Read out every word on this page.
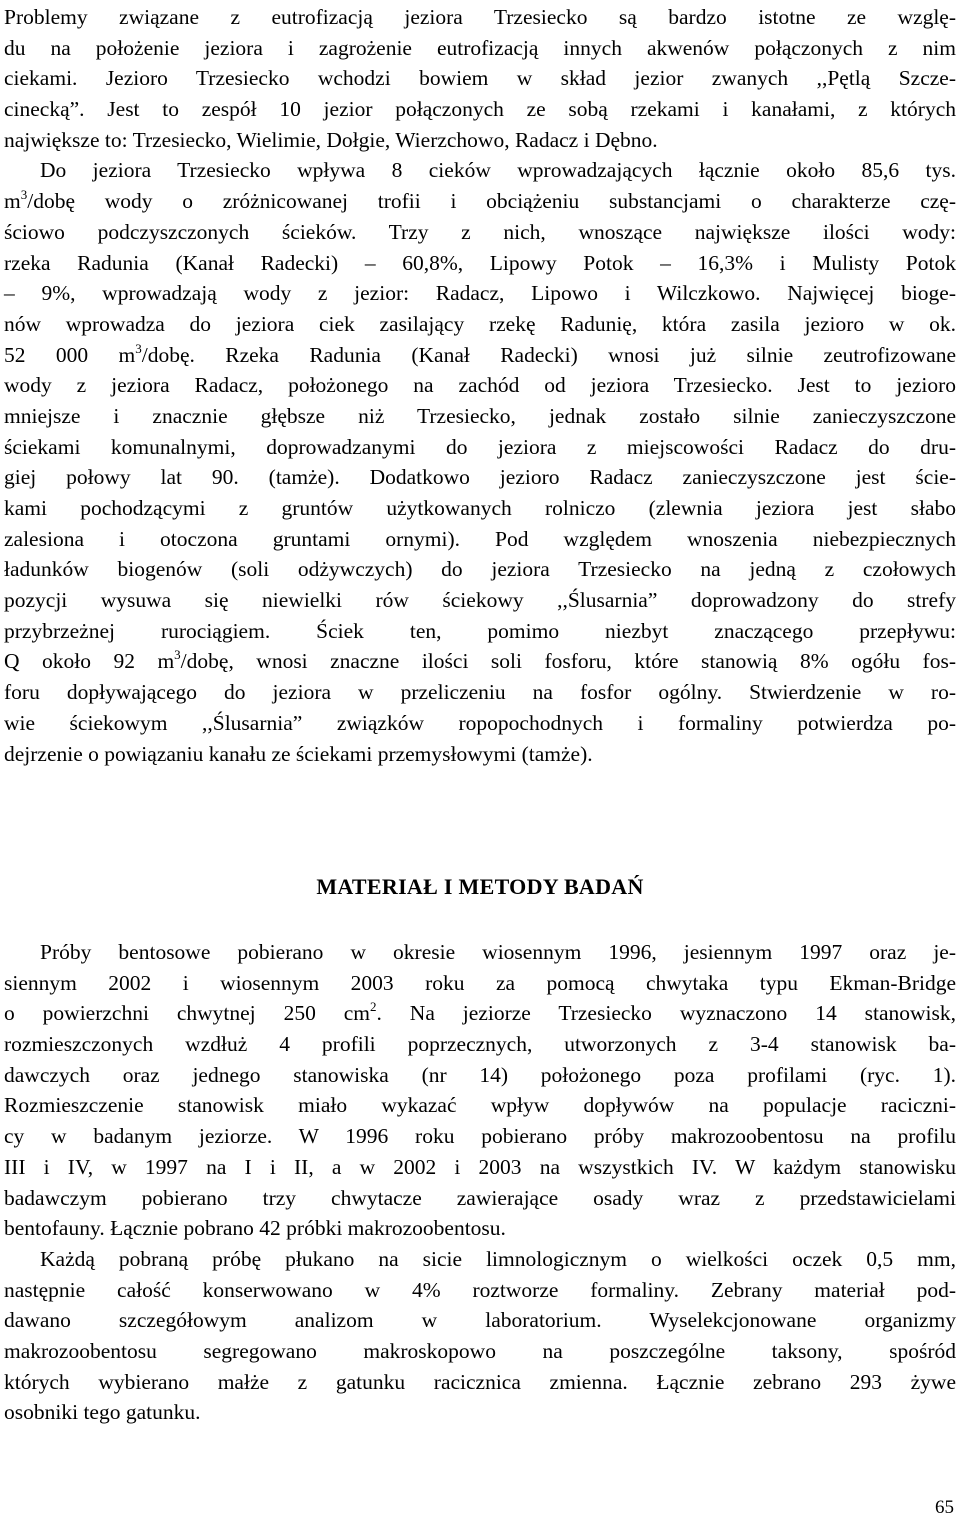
Problemy związane z eutrofizacją jeziora Trzesiecko są bardzo istotne ze wzglę-
du na położenie jeziora i zagrożenie eutrofizacją innych akwenów połączonych z nim
ciekami. Jezioro Trzesiecko wchodzi bowiem w skład jezior zwanych ,,Pętlą Szcze-
cinecką”. Jest to zespół 10 jezior połączonych ze sobą rzekami i kanałami, z których
największe to: Trzesiecko, Wielimie, Dołgie, Wierzchowo, Radacz i Dębno.
Do jeziora Trzesiecko wpływa 8 cieków wprowadzających łącznie około 85,6 tys.
$m^3$/dobę wody o zróżnicowanej trofii i obciążeniu substancjami o charakterze czę-
ściowo podczyszczonych ścieków. Trzy z nich, wnoszące największe ilości wody:
rzeka Radunia (Kanał Radecki) – 60,8%, Lipowy Potok – 16,3% i Mulisty Potok
– 9%, wprowadzają wody z jezior: Radacz, Lipowo i Wilczkowo. Najwięcej bioge-
nów wprowadza do jeziora ciek zasilający rzekę Radunię, która zasila jezioro w ok.
52 000 $m^3$/dobę. Rzeka Radunia (Kanał Radecki) wnosi już silnie zeutrofizowane
wody z jeziora Radacz, położonego na zachód od jeziora Trzesiecko. Jest to jezioro
mniejsze i znacznie głębsze niż Trzesiecko, jednak zostało silnie zanieczyszczone
ściekami komunalnymi, doprowadzanymi do jeziora z miejscowości Radacz do dru-
giej połowy lat 90. (tamże). Dodatkowo jezioro Radacz zanieczyszczone jest ście-
kami pochodzącymi z gruntów użytkowanych rolniczo (zlewnia jeziora jest słabo
zalesiona i otoczona gruntami ornymi). Pod względem wnoszenia niebezpiecznych
ładunków biogenów (soli odżywczych) do jeziora Trzesiecko na jedną z czołowych
pozycji wysuwa się niewielki rów ściekowy ,,Ślusarnia” doprowadzony do strefy
przybrzeżnej rurociągiem. Ściek ten, pomimo niezbyt znaczącego przepływu:
Q około 92 $m^3$/dobę, wnosi znaczne ilości soli fosforu, które stanowią 8% ogółu fos-
foru dopływającego do jeziora w przeliczeniu na fosfor ogólny. Stwierdzenie w ro-
wie ściekowym ,,Ślusarnia” związków ropopochodnych i formaliny potwierdza po-
dejrzenie o powiązaniu kanału ze ściekami przemysłowymi (tamże).
MATERIAŁ I METODY BADAŃ
Próby bentosowe pobierano w okresie wiosennym 1996, jesiennym 1997 oraz je-
siennym 2002 i wiosennym 2003 roku za pomocą chwytaka typu Ekman-Bridge
o powierzchni chwytnej 250 $cm^2$. Na jeziorze Trzesiecko wyznaczono 14 stanowisk,
rozmieszczonych wzdłuż 4 profili poprzecznych, utworzonych z 3-4 stanowisk ba-
dawczych oraz jednego stanowiska (nr 14) położonego poza profilami (ryc. 1).
Rozmieszczenie stanowisk miało wykazać wpływ dopływów na populacje raciczni-
cy w badanym jeziorze. W 1996 roku pobierano próby makrozoobentosu na profilu
III i IV, w 1997 na I i II, a w 2002 i 2003 na wszystkich IV. W każdym stanowisku
badawczym pobierano trzy chwytacze zawierające osady wraz z przedstawicielami
bentofauny. Łącznie pobrano 42 próbki makrozoobentosu.
Każdą pobraną próbę płukano na sicie limnologicznym o wielkości oczek 0,5 mm,
następnie całość konserwowano w 4% roztworze formaliny. Zebrany materiał pod-
dawano szczegółowym analizom w laboratorium. Wyselekcjonowane organizmy
makrozoobentosu segregowano makroskopowo na poszczególne taksony, spośród
których wybierano małże z gatunku racicznica zmienna. Łącznie zebrano 293 żywe
osobniki tego gatunku.
65
